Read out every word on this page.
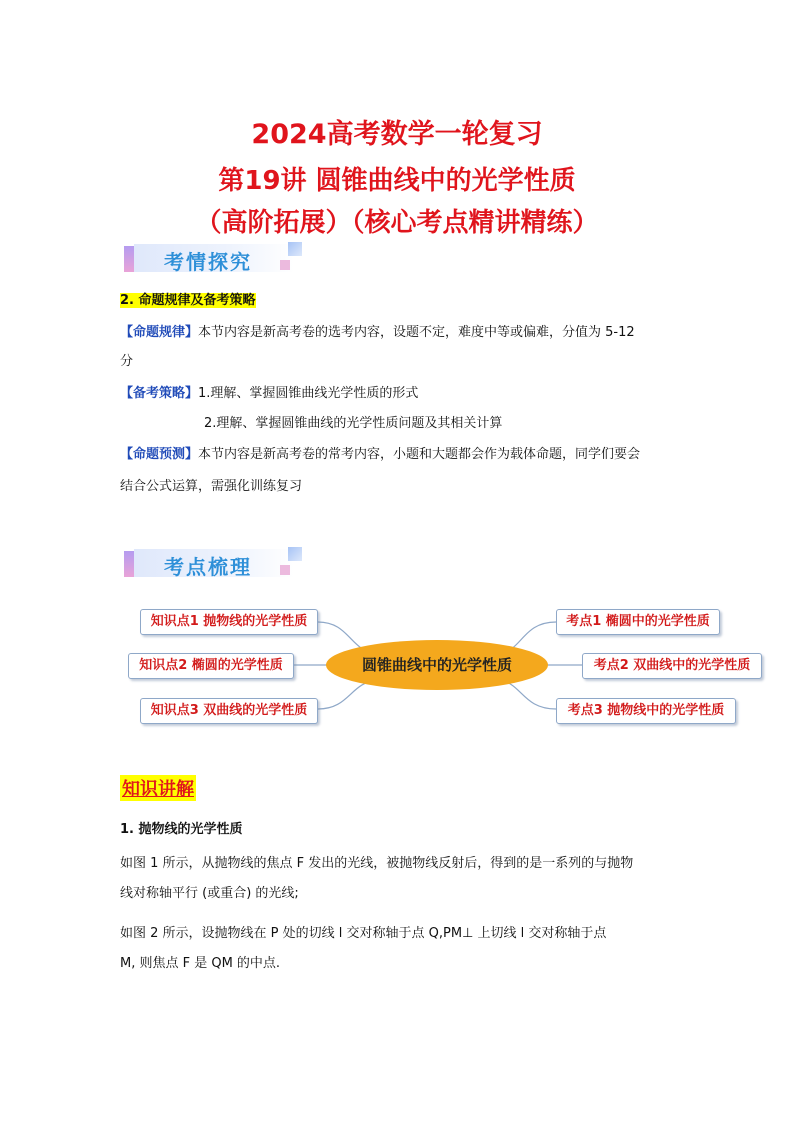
2024高考数学一轮复习
第19讲 圆锥曲线中的光学性质
（高阶拓展）（核心考点精讲精练）
考情探究
2. 命题规律及备考策略
【命题规律】本节内容是新高考卷的选考内容，设题不定，难度中等或偏难，分值为 5-12
分
【备考策略】1.理解、掌握圆锥曲线光学性质的形式
2.理解、掌握圆锥曲线的光学性质问题及其相关计算
【命题预测】本节内容是新高考卷的常考内容，小题和大题都会作为载体命题，同学们要会
结合公式运算，需强化训练复习
考点梳理
知识点1 抛物线的光学性质
知识点2 椭圆的光学性质
知识点3 双曲线的光学性质
圆锥曲线中的光学性质
考点1 椭圆中的光学性质
考点2 双曲线中的光学性质
考点3 抛物线中的光学性质
知识讲解
1. 抛物线的光学性质
如图 1 所示，从抛物线的焦点 F 发出的光线，被抛物线反射后，得到的是一系列的与抛物
线对称轴平行 (或重合) 的光线;
如图 2 所示，设抛物线在 P 处的切线 l 交对称轴于点 Q,PM⊥ 上切线 l 交对称轴于点
M, 则焦点 F 是 QM 的中点.
